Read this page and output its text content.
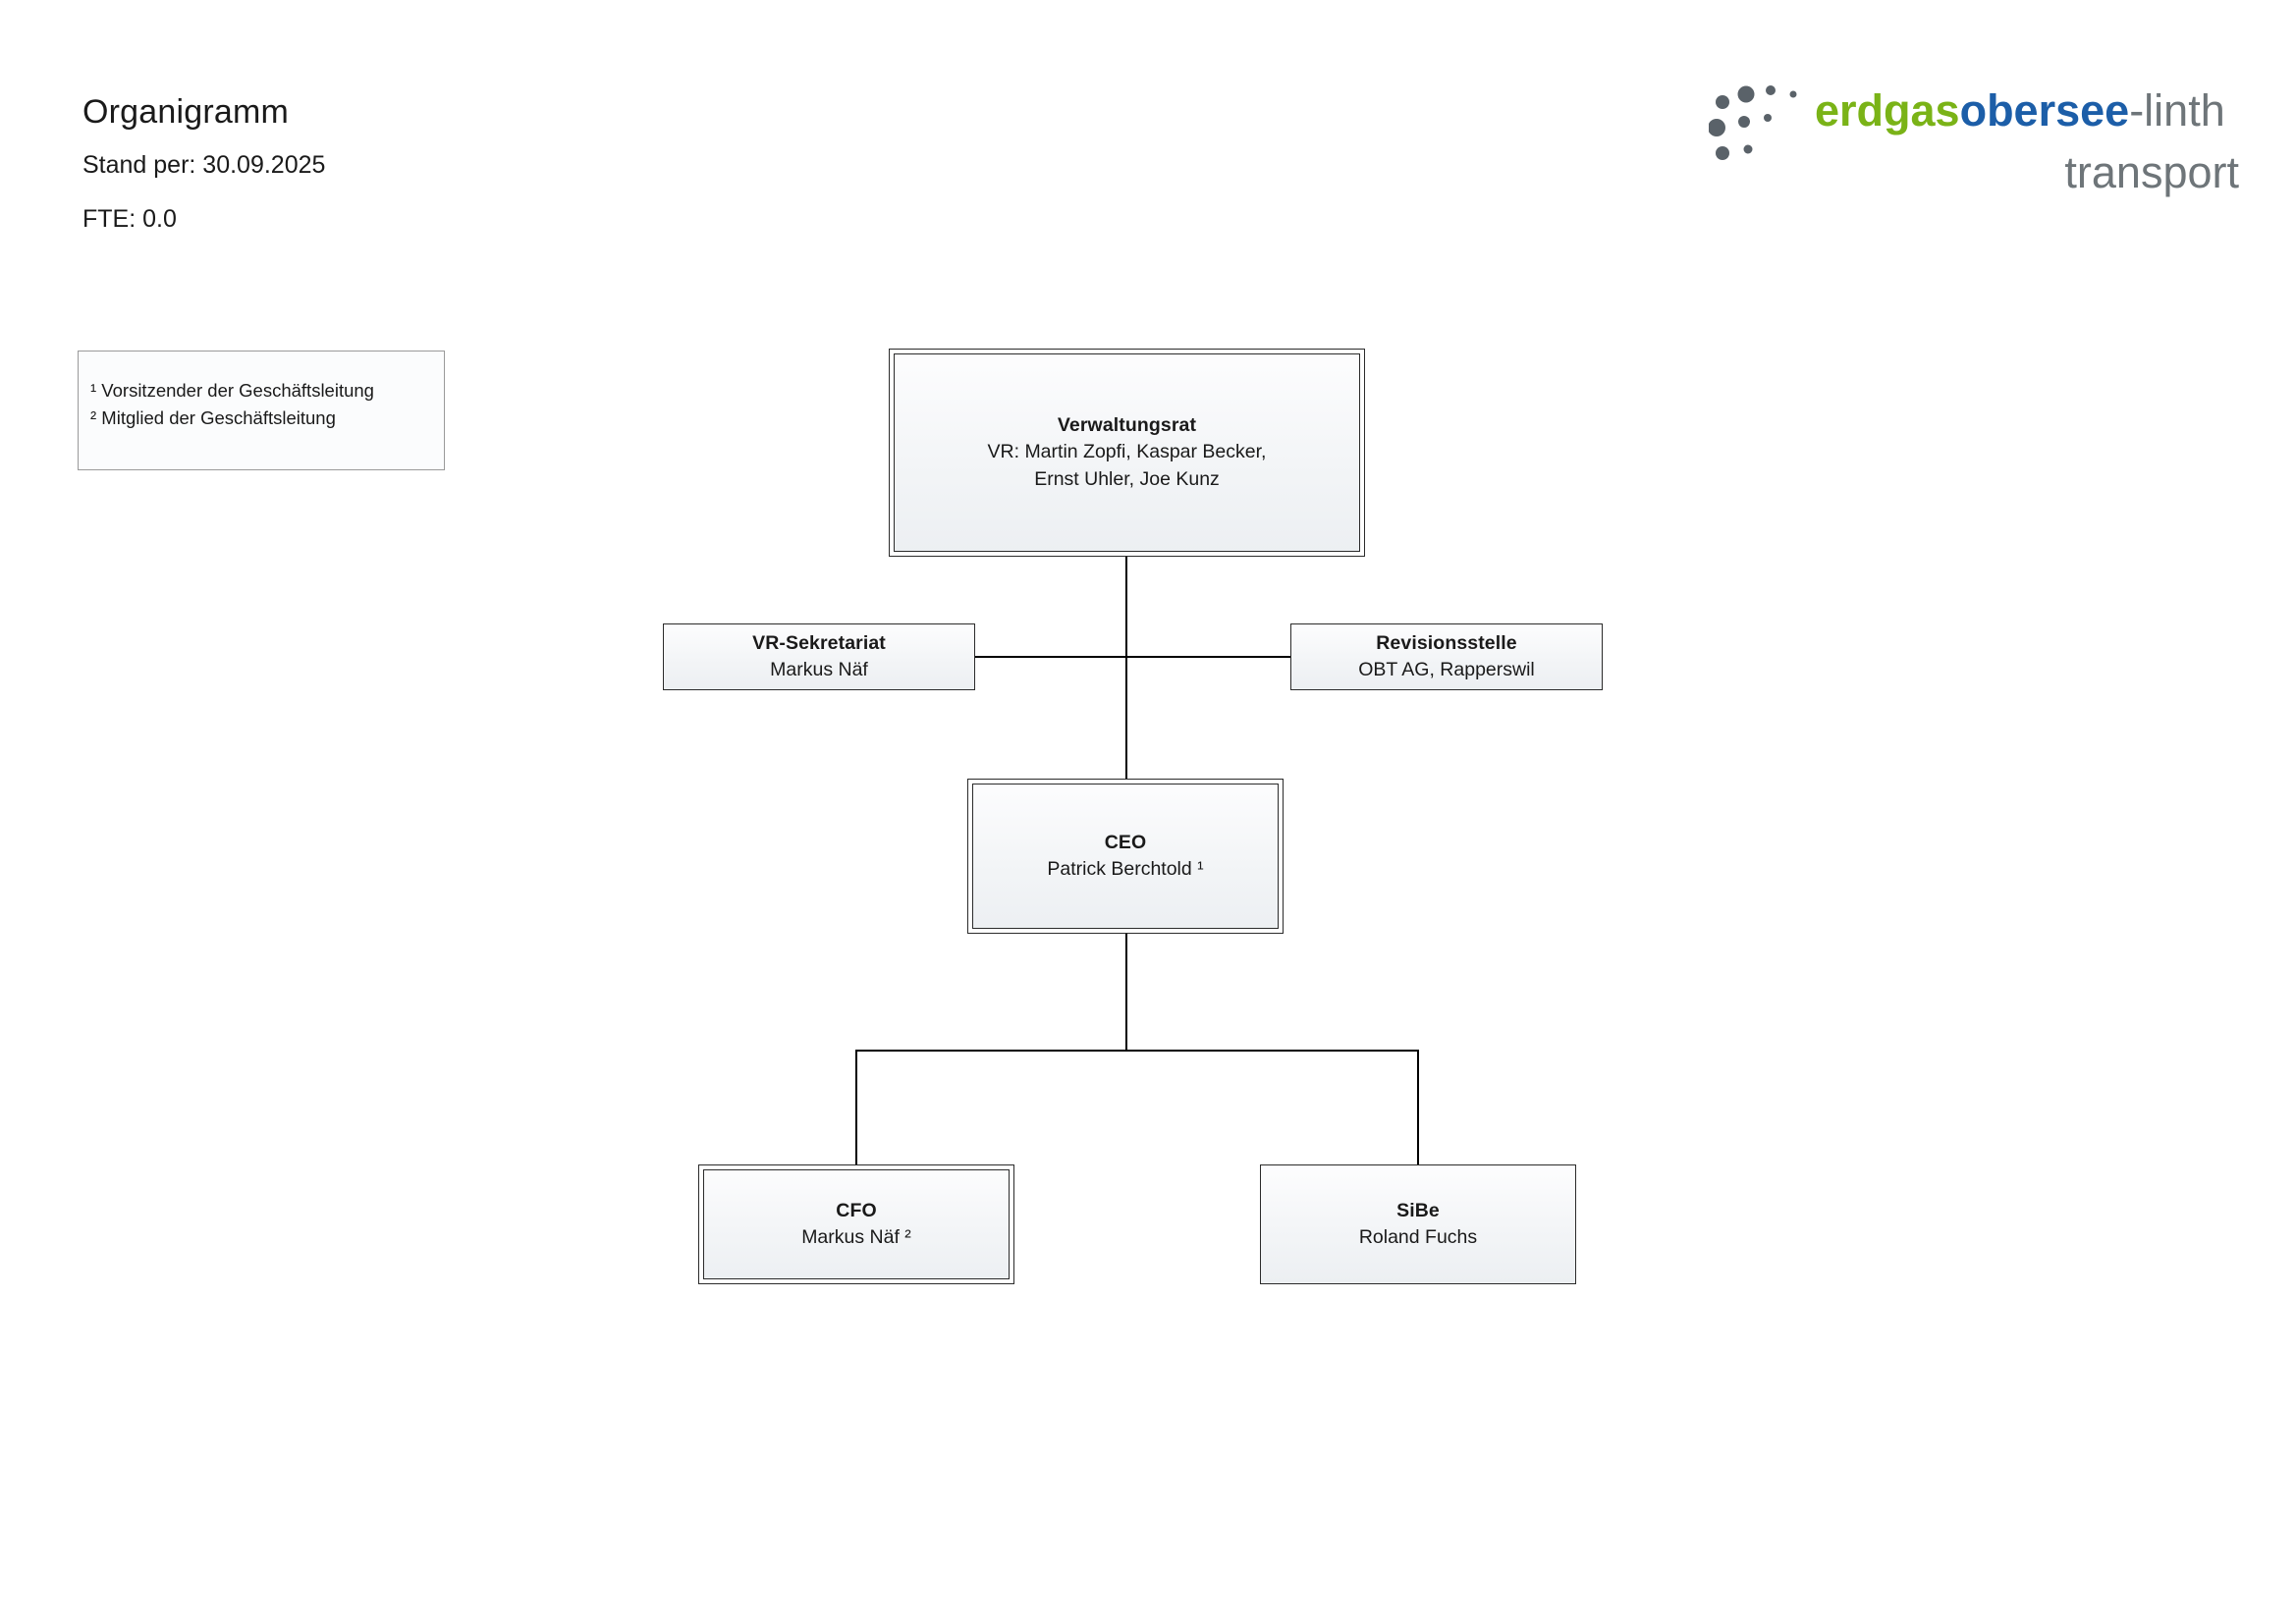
Organigramm
Stand per: 30.09.2025
FTE: 0.0
erdgasobersee-linth
transport
¹ Vorsitzender der Geschäftsleitung
² Mitglied der Geschäftsleitung	Verwaltungsrat
VR: Martin Zopfi, Kaspar Becker,
Ernst Uhler, Joe Kunz
VR-Sekretariat
Markus Näf
Revisionsstelle
OBT AG, Rapperswil
CEO
Patrick Berchtold ¹
CFO
Markus Näf ²
SiBe
Roland Fuchs
